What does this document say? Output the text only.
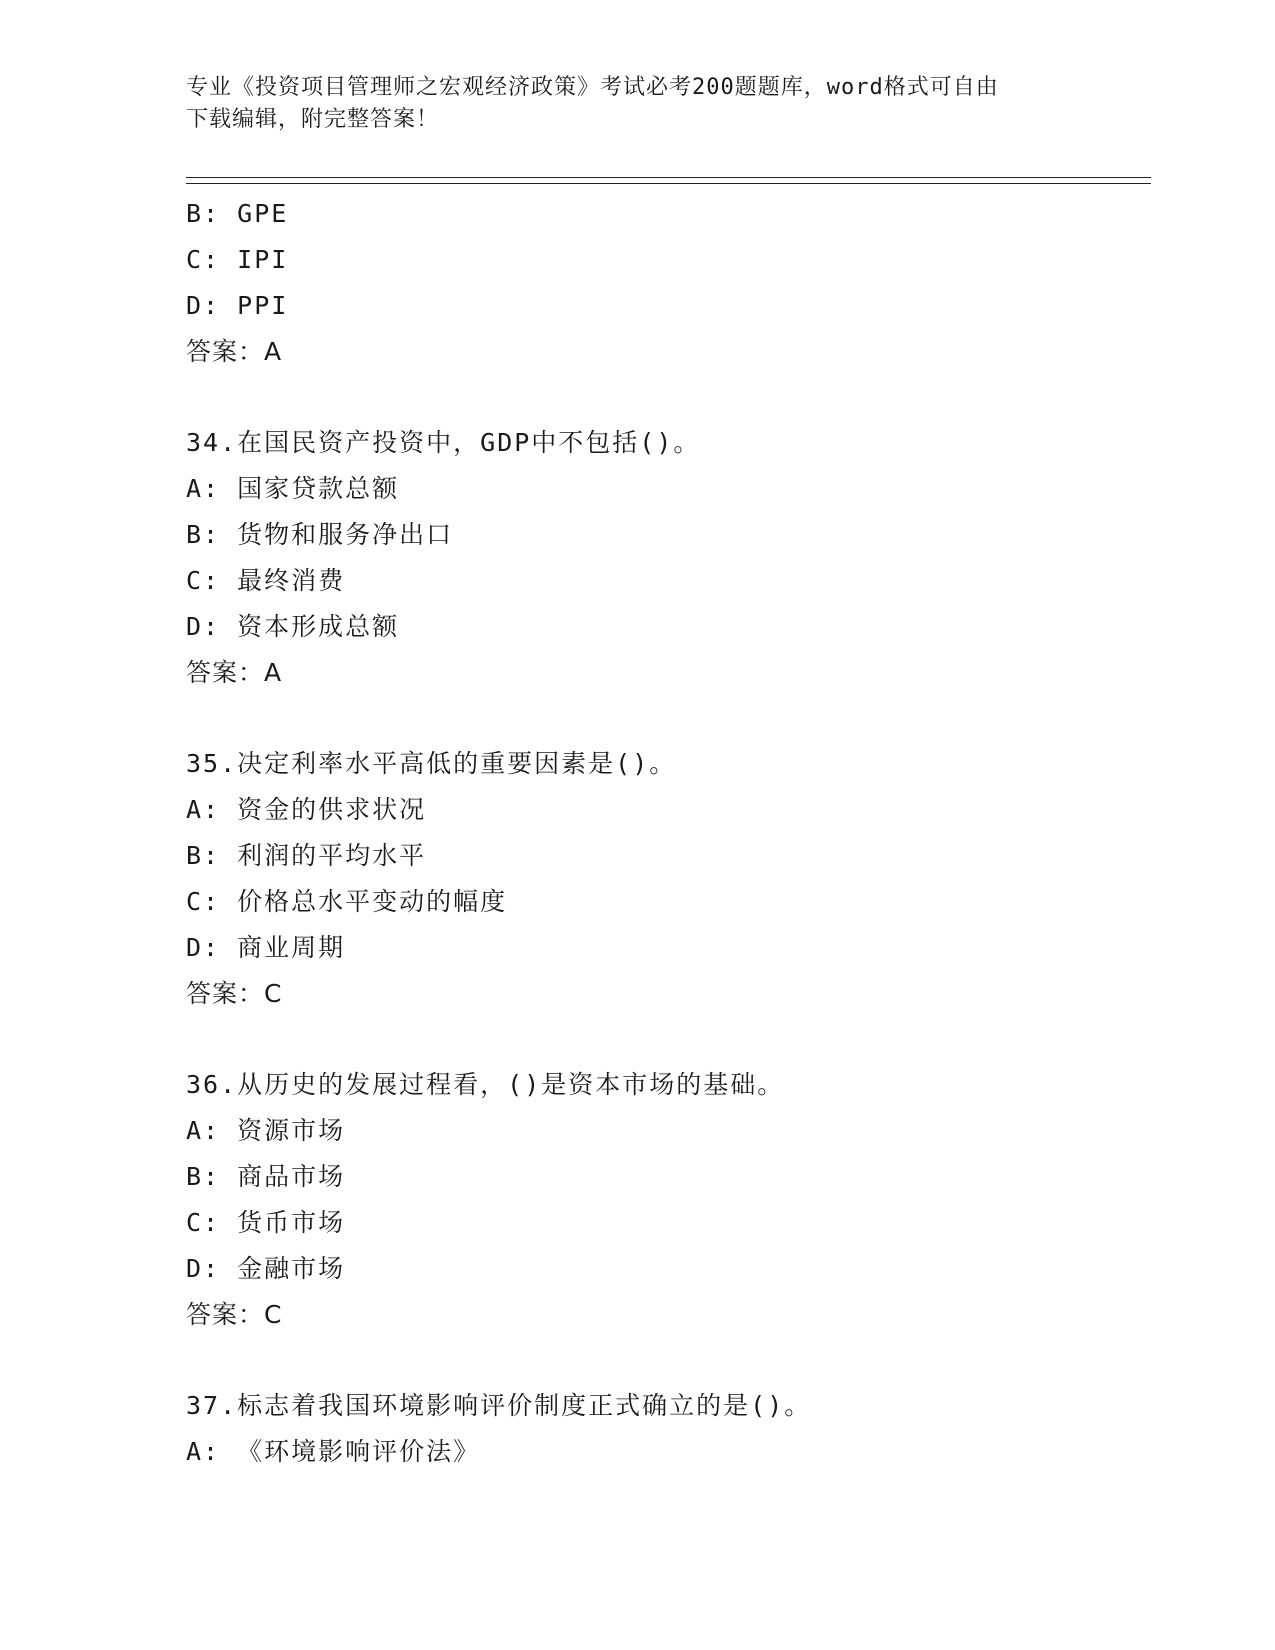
专业《投资项目管理师之宏观经济政策》考试必考200题题库，word格式可自由
下载编辑，附完整答案！
B: GPE
C: IPI
D: PPI
答案：A
34.在国民资产投资中，GDP中不包括()。
A: 国家贷款总额
B: 货物和服务净出口
C: 最终消费
D: 资本形成总额
答案：A
35.决定利率水平高低的重要因素是()。
A: 资金的供求状况
B: 利润的平均水平
C: 价格总水平变动的幅度
D: 商业周期
答案：C
36.从历史的发展过程看，()是资本市场的基础。
A: 资源市场
B: 商品市场
C: 货币市场
D: 金融市场
答案：C
37.标志着我国环境影响评价制度正式确立的是()。
A: 《环境影响评价法》
